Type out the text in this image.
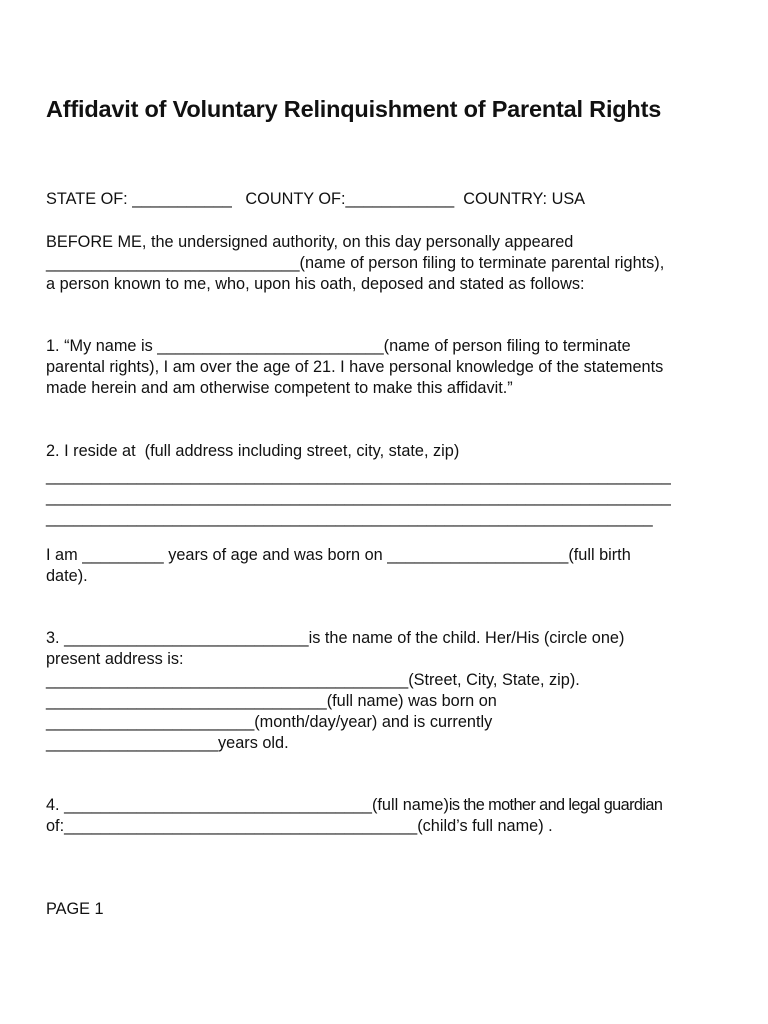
Affidavit of Voluntary Relinquishment of Parental Rights

STATE OF: ___________   COUNTY OF:____________  COUNTRY: USA

BEFORE ME, the undersigned authority, on this day personally appeared

____________________________(name of person filing to terminate parental rights),

a person known to me, who, upon his oath, deposed and stated as follows:

1. “My name is _________________________(name of person filing to terminate

parental rights), I am over the age of 21. I have personal knowledge of the statements

made herein and am otherwise competent to make this affidavit.”

2. I reside at  (full address including street, city, state, zip)

_____________________________________________________________________

_____________________________________________________________________

___________________________________________________________________

I am _________ years of age and was born on ____________________(full birth

date).

3. ___________________________is the name of the child. Her/His (circle one)

present address is:

________________________________________(Street, City, State, zip).

_______________________________(full name) was born on

_______________________(month/day/year) and is currently

___________________years old.

4. __________________________________(full name)is the mother and legal guardian

of:_______________________________________(child’s full name) .

PAGE 1
